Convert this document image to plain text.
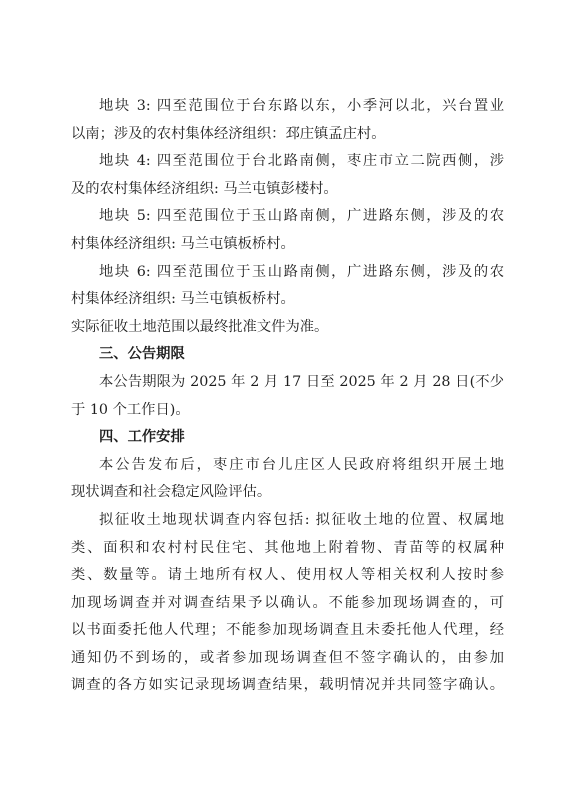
地块 3: 四至范围位于台东路以东，小季河以北，兴台置业
以南；涉及的农村集体经济组织：邳庄镇孟庄村。
地块 4: 四至范围位于台北路南侧，枣庄市立二院西侧，涉
及的农村集体经济组织: 马兰屯镇彭楼村。
地块 5: 四至范围位于玉山路南侧，广进路东侧，涉及的农
村集体经济组织: 马兰屯镇板桥村。
地块 6: 四至范围位于玉山路南侧，广进路东侧，涉及的农
村集体经济组织: 马兰屯镇板桥村。
实际征收土地范围以最终批准文件为准。
三、公告期限
本公告期限为 2025 年 2 月 17 日至 2025 年 2 月 28 日(不少
于 10 个工作日)。
四、工作安排
本公告发布后，枣庄市台儿庄区人民政府将组织开展土地
现状调查和社会稳定风险评估。
拟征收土地现状调查内容包括: 拟征收土地的位置、权属地
类、面积和农村村民住宅、其他地上附着物、青苗等的权属种
类、数量等。请土地所有权人、使用权人等相关权利人按时参
加现场调查并对调查结果予以确认。不能参加现场调查的，可
以书面委托他人代理；不能参加现场调查且未委托他人代理，经
通知仍不到场的，或者参加现场调查但不签字确认的，由参加
调查的各方如实记录现场调查结果，载明情况并共同签字确认。
